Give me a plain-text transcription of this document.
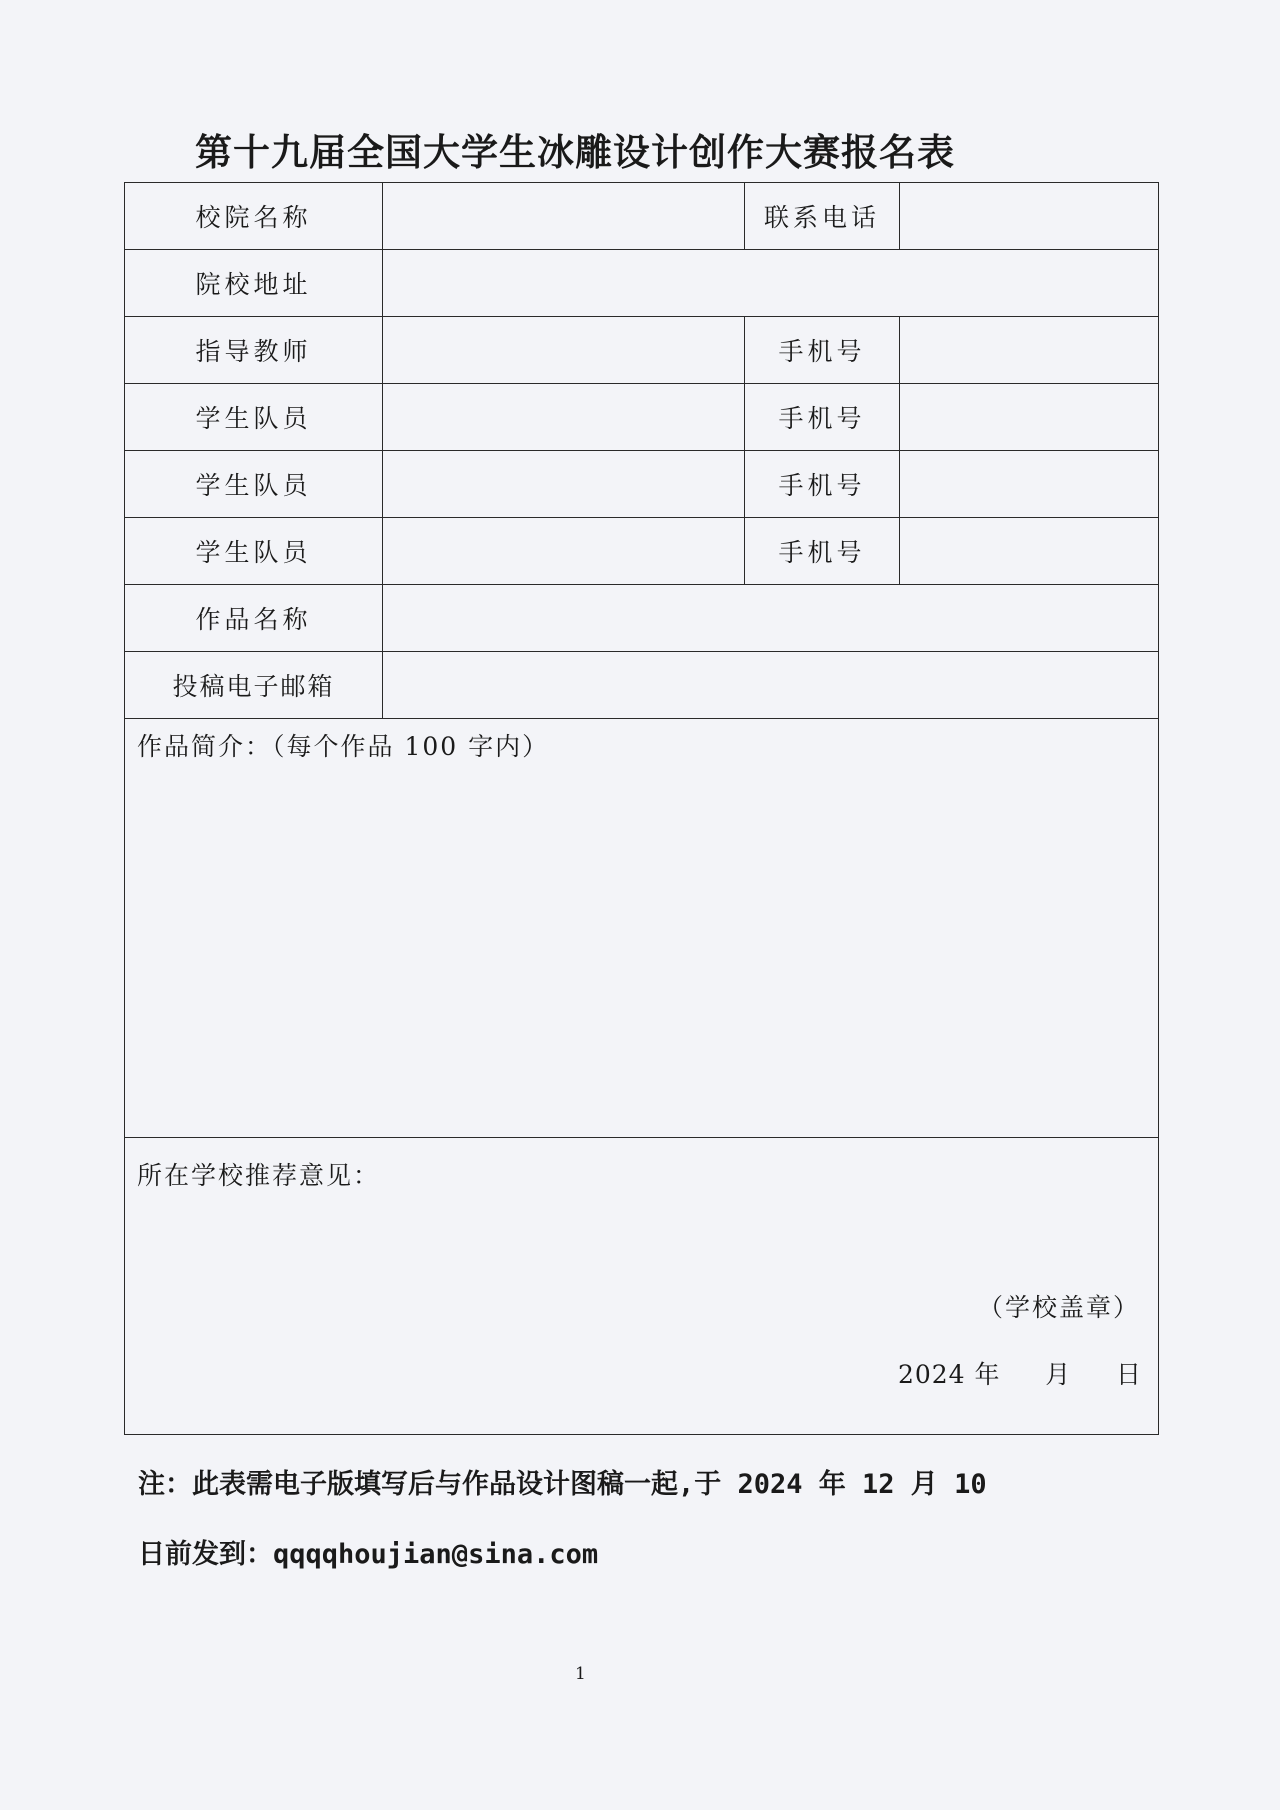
第十九届全国大学生冰雕设计创作大赛报名表
校院名称		联系电话	
院校地址			
指导教师		手机号	
学生队员		手机号	
学生队员		手机号	
学生队员		手机号	
作品名称			
投稿电子邮箱			

作品简介：（每个作品 100 字内）			

所在学校推荐意见：
（学校盖章）
2024 年     月     日			
注：此表需电子版填写后与作品设计图稿一起,于 2024 年 12 月 10
日前发到：qqqqhoujian@sina.com
1
